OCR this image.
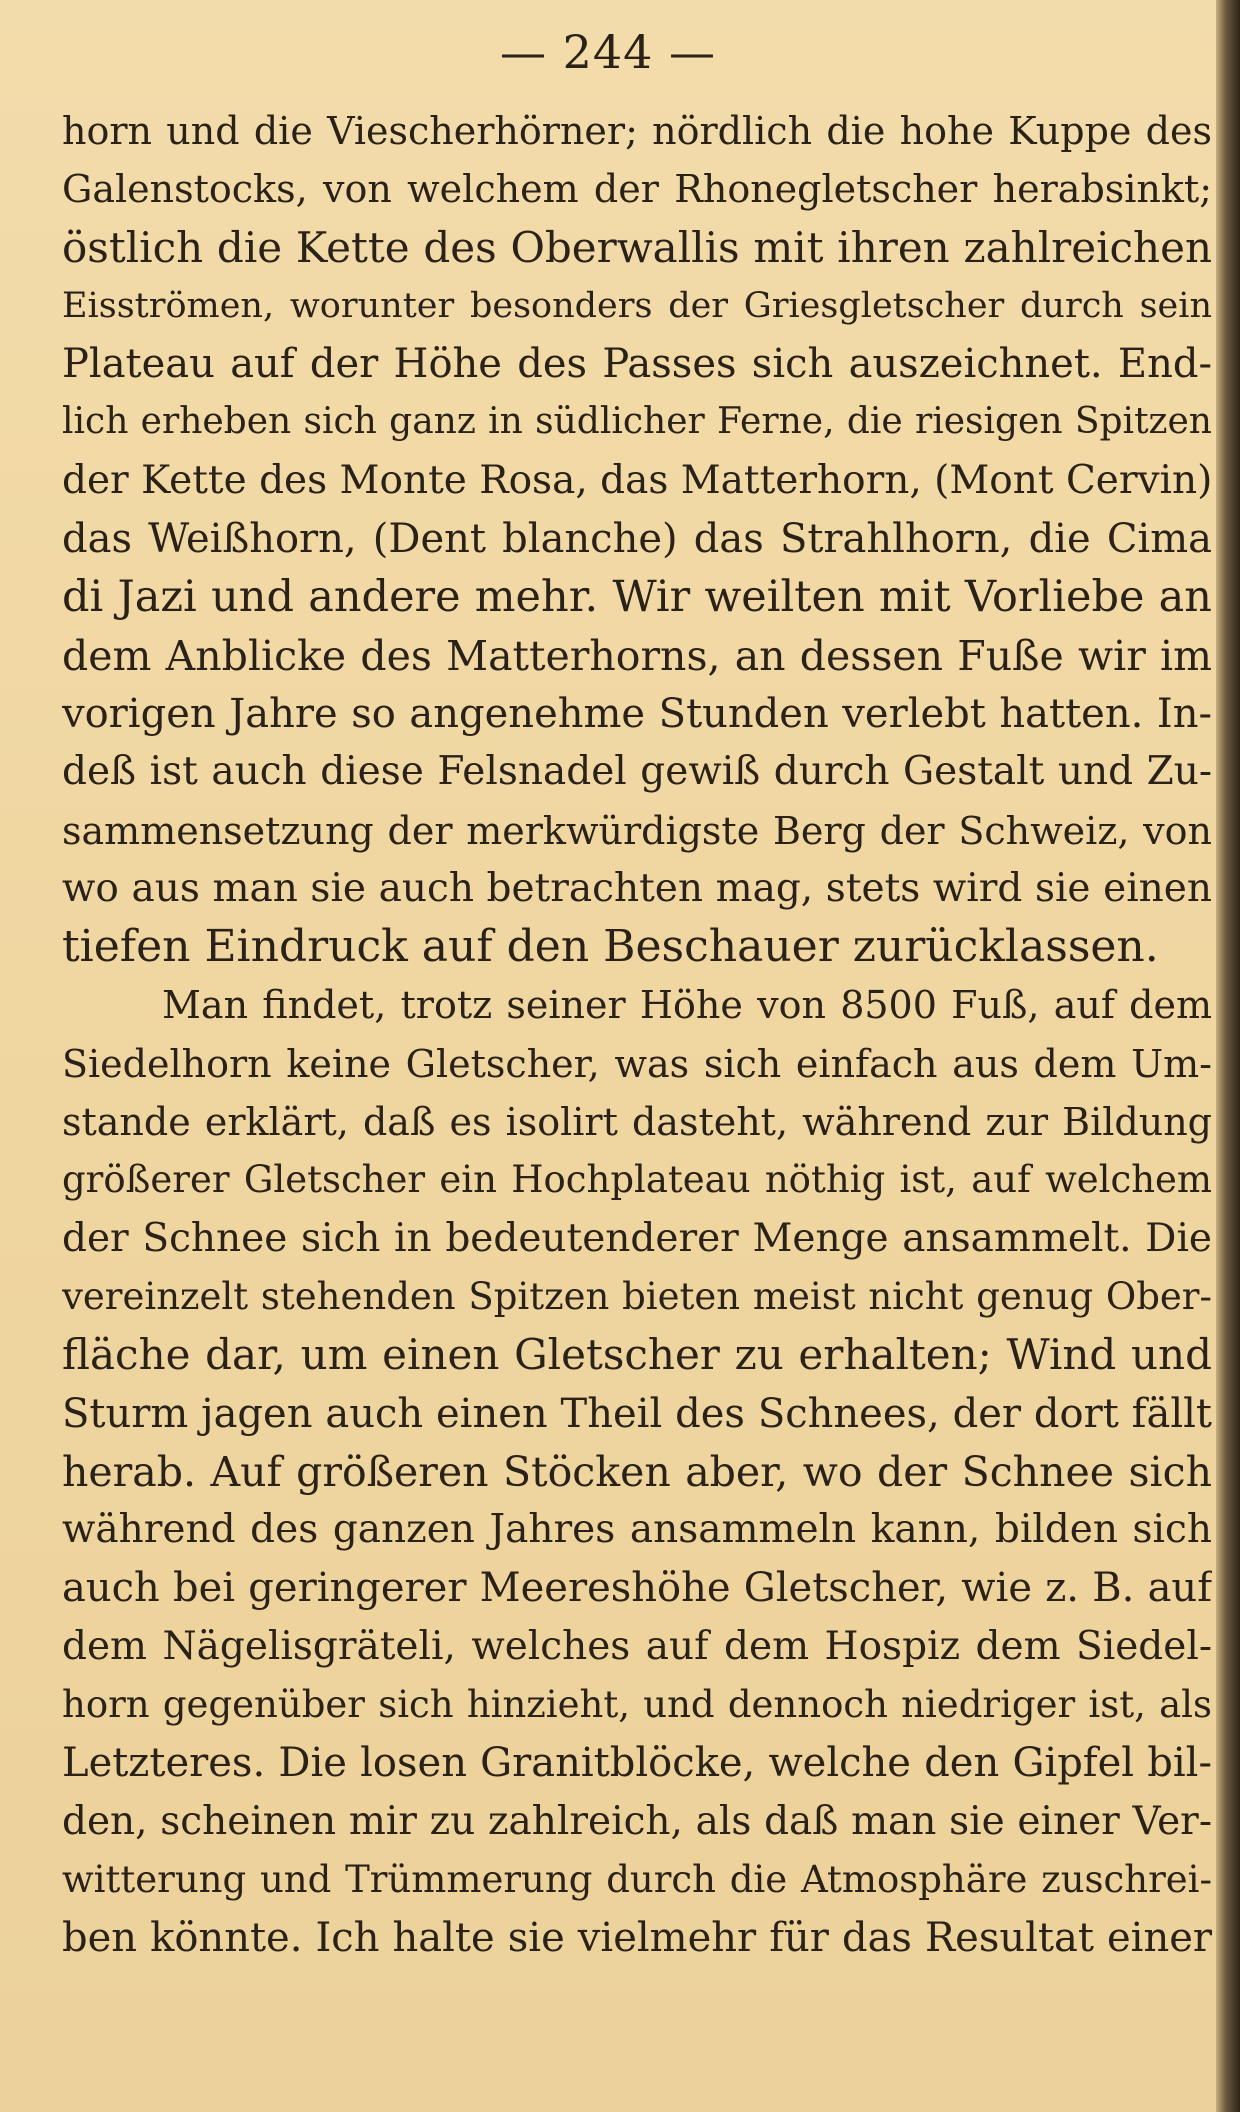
— 244 —
horn und die Viescherhörner; nördlich die hohe Kuppe des
Galenstocks, von welchem der Rhonegletscher herabsinkt;
östlich die Kette des Oberwallis mit ihren zahlreichen
Eisströmen, worunter besonders der Griesgletscher durch sein
Plateau auf der Höhe des Passes sich auszeichnet. End-
lich erheben sich ganz in südlicher Ferne, die riesigen Spitzen
der Kette des Monte Rosa, das Matterhorn, (Mont Cervin)
das Weißhorn, (Dent blanche) das Strahlhorn, die Cima
di Jazi und andere mehr. Wir weilten mit Vorliebe an
dem Anblicke des Matterhorns, an dessen Fuße wir im
vorigen Jahre so angenehme Stunden verlebt hatten. In-
deß ist auch diese Felsnadel gewiß durch Gestalt und Zu-
sammensetzung der merkwürdigste Berg der Schweiz, von
wo aus man sie auch betrachten mag, stets wird sie einen
tiefen Eindruck auf den Beschauer zurücklassen.
Man findet, trotz seiner Höhe von 8500 Fuß, auf dem
Siedelhorn keine Gletscher, was sich einfach aus dem Um-
stande erklärt, daß es isolirt dasteht, während zur Bildung
größerer Gletscher ein Hochplateau nöthig ist, auf welchem
der Schnee sich in bedeutenderer Menge ansammelt. Die
vereinzelt stehenden Spitzen bieten meist nicht genug Ober-
fläche dar, um einen Gletscher zu erhalten; Wind und
Sturm jagen auch einen Theil des Schnees, der dort fällt
herab. Auf größeren Stöcken aber, wo der Schnee sich
während des ganzen Jahres ansammeln kann, bilden sich
auch bei geringerer Meereshöhe Gletscher, wie z. B. auf
dem Nägelisgräteli, welches auf dem Hospiz dem Siedel-
horn gegenüber sich hinzieht, und dennoch niedriger ist, als
Letzteres. Die losen Granitblöcke, welche den Gipfel bil-
den, scheinen mir zu zahlreich, als daß man sie einer Ver-
witterung und Trümmerung durch die Atmosphäre zuschrei-
ben könnte. Ich halte sie vielmehr für das Resultat einer
